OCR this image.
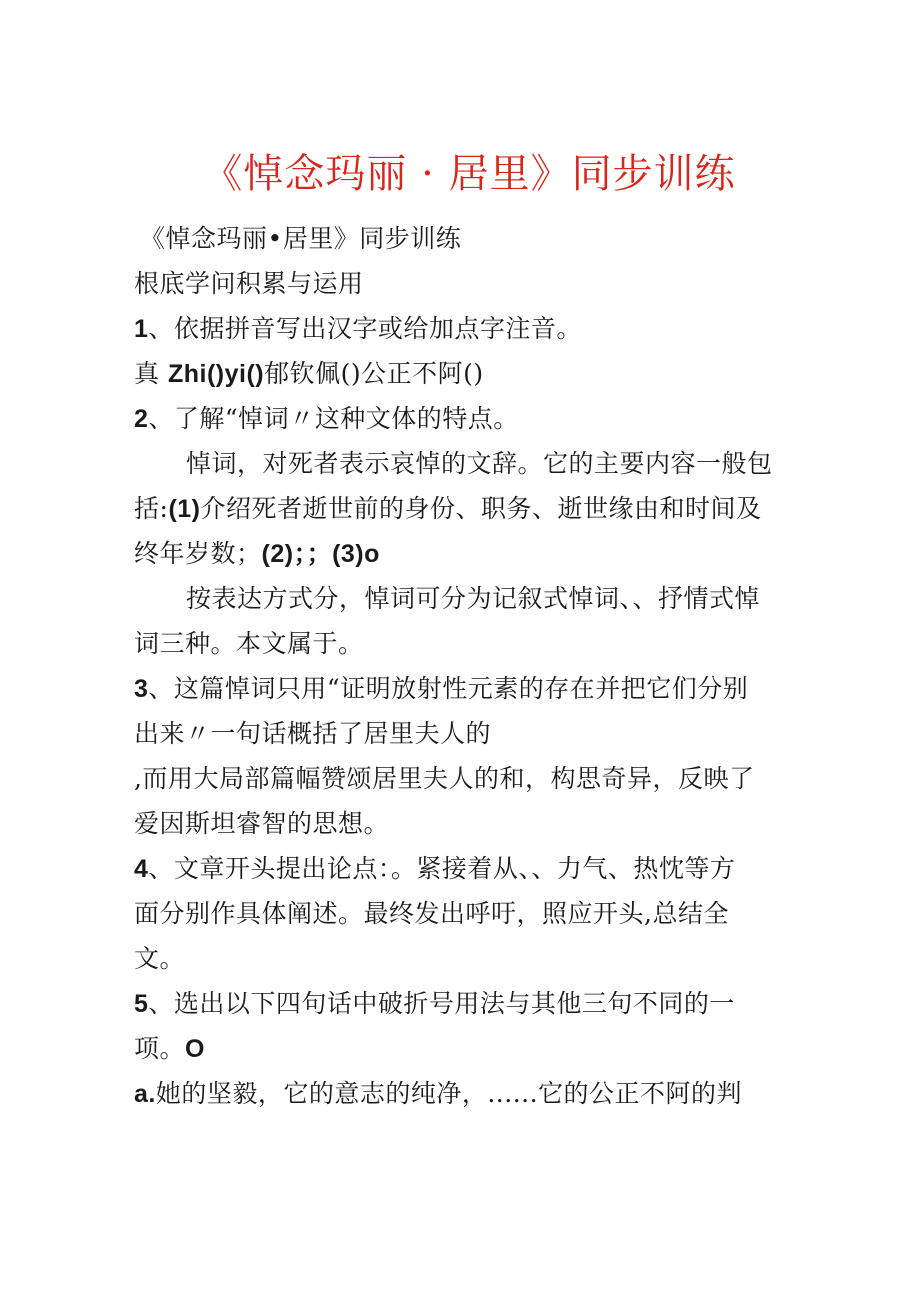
《悼念玛丽 · 居里》同步训练
《悼念玛丽•居里》同步训练
根底学问积累与运用
1、依据拼音写出汉字或给加点字注音。
真 Zhi()yi()郁钦佩()公正不阿()
2、了解“悼词〃这种文体的特点。
悼词，对死者表示哀悼的文辞。它的主要内容一般包
括:(1)介绍死者逝世前的身份、职务、逝世缘由和时间及
终年岁数；(2)；；(3)o
按表达方式分，悼词可分为记叙式悼词、、抒情式悼
词三种。本文属于。
3、这篇悼词只用“证明放射性元素的存在并把它们分别
出来〃一句话概括了居里夫人的
,而用大局部篇幅赞颂居里夫人的和，构思奇异，反映了
爱因斯坦睿智的思想。
4、文章开头提出论点：。紧接着从、、力气、热忱等方
面分别作具体阐述。最终发出呼吁，照应开头,总结全
文。
5、选出以下四句话中破折号用法与其他三句不同的一
项。O
a.她的坚毅，它的意志的纯净，......它的公正不阿的判
